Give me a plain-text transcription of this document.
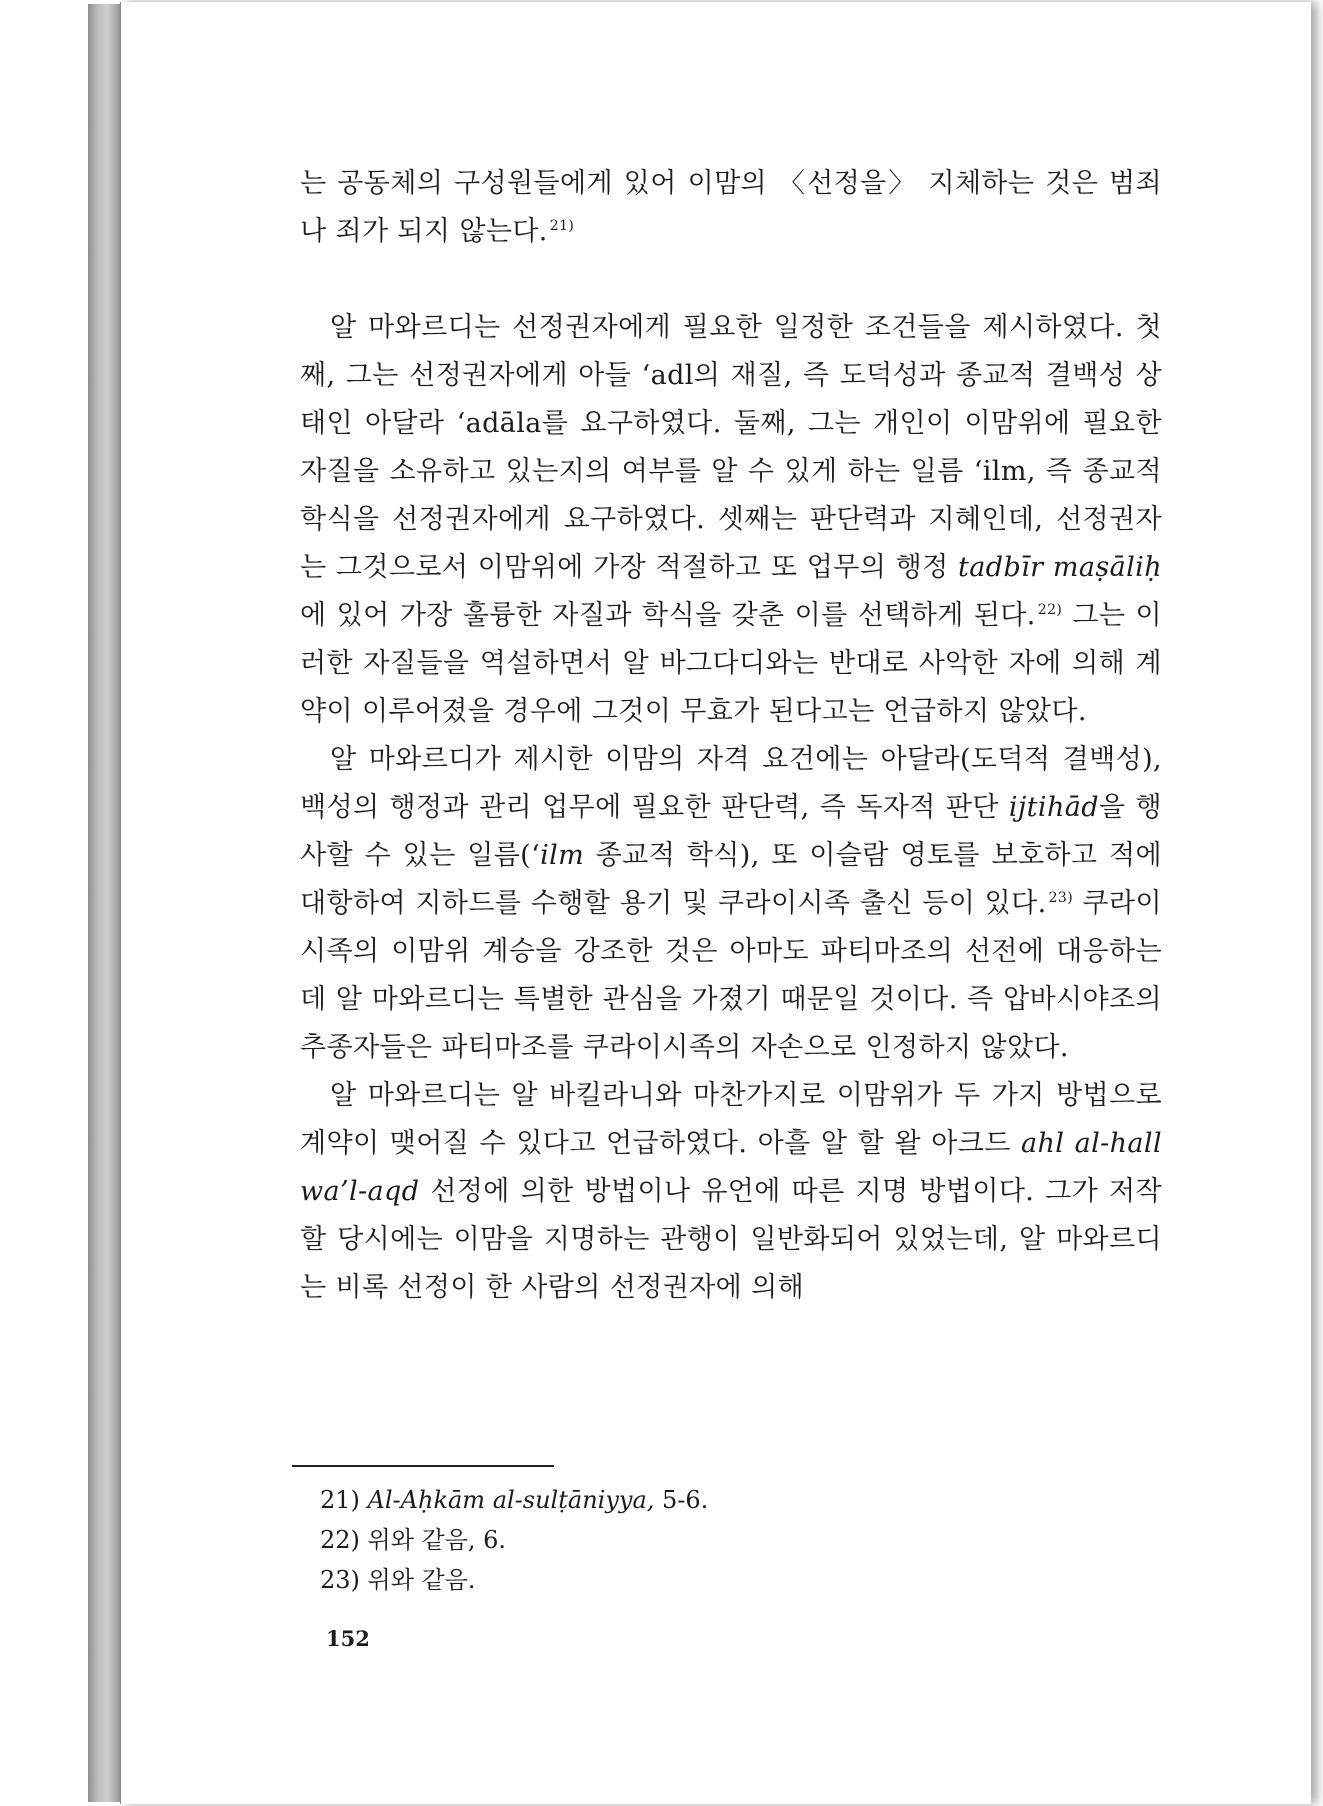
는 공동체의 구성원들에게 있어 이맘의 〈선정을〉 지체하는 것은 범죄나 죄가 되지 않는다. $^{21)}$

알 마와르디는 선정권자에게 필요한 일정한 조건들을 제시하였다. 첫째, 그는 선정권자에게 아들 ‘adl의 재질, 즉 도덕성과 종교적 결백성 상태인 아달라 ‘adāla를 요구하였다. 둘째, 그는 개인이 이맘위에 필요한 자질을 소유하고 있는지의 여부를 알 수 있게 하는 일름 ‘ilm, 즉 종교적 학식을 선정권자에게 요구하였다. 셋째는 판단력과 지혜인데, 선정권자는 그것으로서 이맘위에 가장 적절하고 또 업무의 행정 tadbīr maṣāliḥ에 있어 가장 훌륭한 자질과 학식을 갖춘 이를 선택하게 된다. $^{22)}$ 그는 이러한 자질들을 역설하면서 알 바그다디와는 반대로 사악한 자에 의해 계약이 이루어졌을 경우에 그것이 무효가 된다고는 언급하지 않았다.

알 마와르디가 제시한 이맘의 자격 요건에는 아달라(도덕적 결백성), 백성의 행정과 관리 업무에 필요한 판단력, 즉 독자적 판단 ijtihād을 행사할 수 있는 일름(‘ilm 종교적 학식), 또 이슬람 영토를 보호하고 적에 대항하여 지하드를 수행할 용기 및 쿠라이시족 출신 등이 있다. $^{23)}$ 쿠라이시족의 이맘위 계승을 강조한 것은 아마도 파티마조의 선전에 대응하는데 알 마와르디는 특별한 관심을 가졌기 때문일 것이다. 즉 압바시야조의 추종자들은 파티마조를 쿠라이시족의 자손으로 인정하지 않았다.

알 마와르디는 알 바킬라니와 마찬가지로 이맘위가 두 가지 방법으로 계약이 맺어질 수 있다고 언급하였다. 아흘 알 할 왈 아크드 ahl al-hall wa’l-aqd 선정에 의한 방법이나 유언에 따른 지명 방법이다. 그가 저작할 당시에는 이맘을 지명하는 관행이 일반화되어 있었는데, 알 마와르디는 비록 선정이 한 사람의 선정권자에 의해

21) Al-Aḥkām al-sulṭāniyya, 5-6.

22) 위와 같음, 6.

23) 위와 같음.

152
